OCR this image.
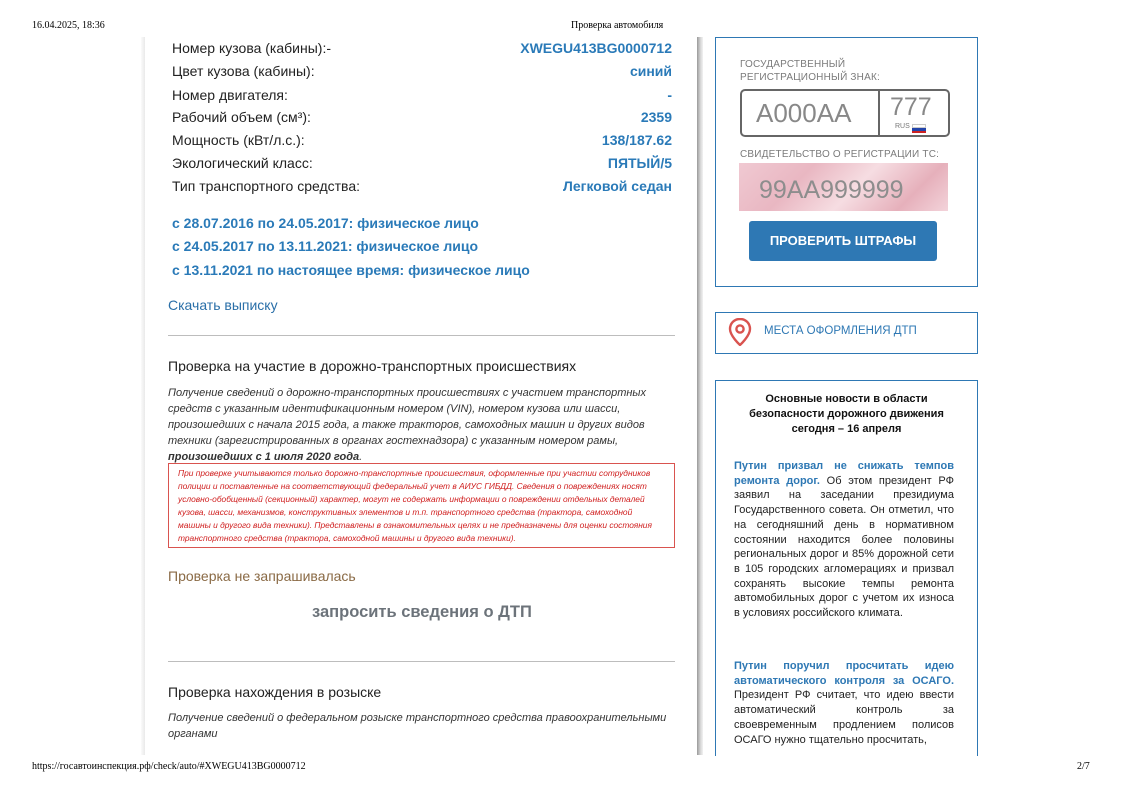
16.04.2025, 18:36	Проверка автомобиля
https://госавтоинспекция.рф/check/auto/#XWEGU413BG0000712	2/7
Номер кузова (кабины):-	XWEGU413BG0000712
Цвет кузова (кабины):	синий
Номер двигателя:	-
Рабочий объем (см³):	2359
Мощность (кВт/л.с.):	138/187.62
Экологический класс:	ПЯТЫЙ/5
Тип транспортного средства:	Легковой седан
с 28.07.2016 по 24.05.2017: физическое лицо
с 24.05.2017 по 13.11.2021: физическое лицо
с 13.11.2021 по настоящее время: физическое лицо
Скачать выписку
Проверка на участие в дорожно-транспортных происшествиях
Получение сведений о дорожно-транспортных происшествиях с участием транспортных средств с указанным идентификационным номером (VIN), номером кузова или шасси, произошедших с начала 2015 года, а также тракторов, самоходных машин и других видов техники (зарегистрированных в органах гостехнадзора) с указанным номером рамы, произошедших с 1 июля 2020 года.
При проверке учитываются только дорожно-транспортные происшествия, оформленные при участии сотрудников полиции и поставленные на соответствующий федеральный учет в АИУС ГИБДД. Сведения о повреждениях носят условно-обобщенный (секционный) характер, могут не содержать информации о повреждении отдельных деталей кузова, шасси, механизмов, конструктивных элементов и т.п. транспортного средства (трактора, самоходной машины и другого вида техники). Представлены в ознакомительных целях и не предназначены для оценки состояния транспортного средства (трактора, самоходной машины и другого вида техники).
Проверка не запрашивалась
запросить сведения о ДТП
Проверка нахождения в розыске
Получение сведений о федеральном розыске транспортного средства правоохранительными органами
ГОСУДАРСТВЕННЫЙ
РЕГИСТРАЦИОННЫЙ ЗНАК:
А000АА 777
RUS
СВИДЕТЕЛЬСТВО О РЕГИСТРАЦИИ ТС:
99АА999999
ПРОВЕРИТЬ ШТРАФЫ
МЕСТА ОФОРМЛЕНИЯ ДТП
Основные новости в области безопасности дорожного движения сегодня – 16 апреля
Путин призвал не снижать темпов ремонта дорог. Об этом президент РФ заявил на заседании президиума Государственного совета. Он отметил, что на сегодняшний день в нормативном состоянии находится более половины региональных дорог и 85% дорожной сети в 105 городских агломерациях и призвал сохранять высокие темпы ремонта автомобильных дорог с учетом их износа в условиях российского климата.
Путин поручил просчитать идею автоматического контроля за ОСАГО. Президент РФ считает, что идею ввести автоматический контроль за своевременным продлением полисов ОСАГО нужно тщательно просчитать,
